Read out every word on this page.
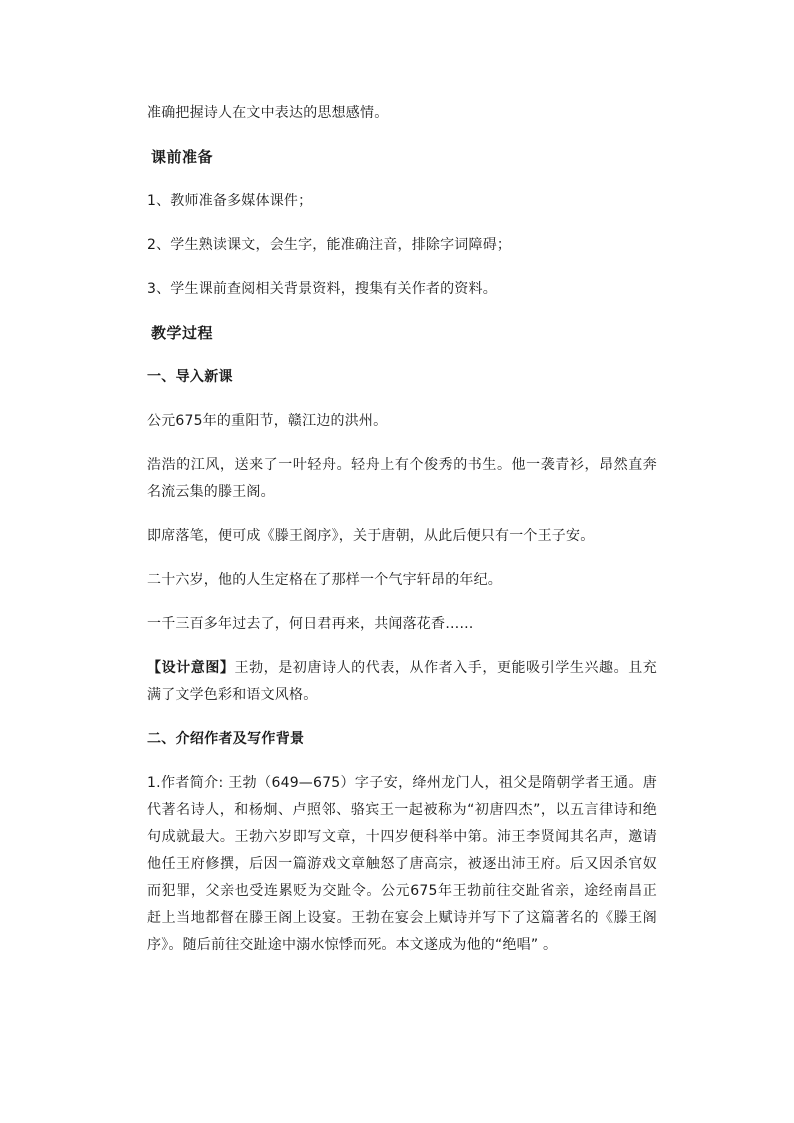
准确把握诗人在文中表达的思想感情。

课前准备

1、教师准备多媒体课件；

2、学生熟读课文，会生字，能准确注音，排除字词障碍；

3、学生课前查阅相关背景资料，搜集有关作者的资料。

教学过程
一、导入新课

公元675年的重阳节，赣江边的洪州。

浩浩的江风，送来了一叶轻舟。轻舟上有个俊秀的书生。他一袭青衫，昂然直奔名流云集的滕王阁。

即席落笔，便可成《滕王阁序》，关于唐朝，从此后便只有一个王子安。

二十六岁，他的人生定格在了那样一个气宇轩昂的年纪。

一千三百多年过去了，何日君再来，共闻落花香……

【设计意图】王勃，是初唐诗人的代表，从作者入手，更能吸引学生兴趣。且充满了文学色彩和语文风格。

二、介绍作者及写作背景

1.作者简介: 王勃（649—675）字子安，绛州龙门人，祖父是隋朝学者王通。唐代著名诗人，和杨炯、卢照邻、骆宾王一起被称为“初唐四杰”，以五言律诗和绝句成就最大。王勃六岁即写文章，十四岁便科举中第。沛王李贤闻其名声，邀请他任王府修撰，后因一篇游戏文章触怒了唐高宗，被逐出沛王府。后又因杀官奴而犯罪，父亲也受连累贬为交趾令。公元675年王勃前往交趾省亲，途经南昌正赶上当地都督在滕王阁上设宴。王勃在宴会上赋诗并写下了这篇著名的《滕王阁序》。随后前往交趾途中溺水惊悸而死。本文遂成为他的“绝唱” 。
